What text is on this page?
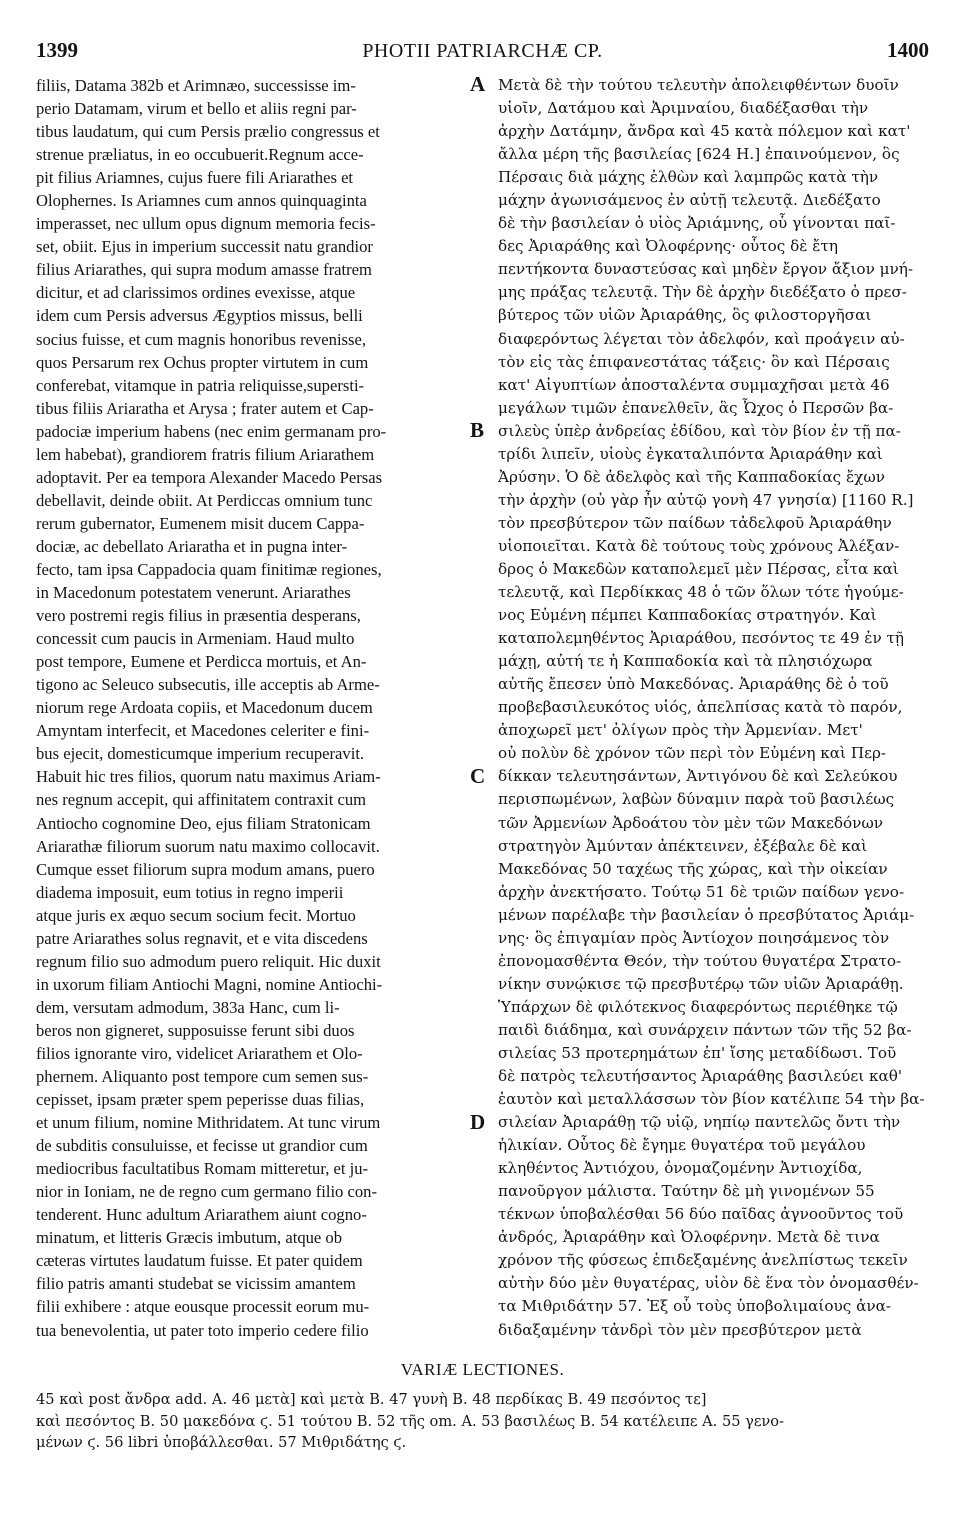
1399	PHOTII PATRIARCHÆ CP.	1400
filiis, Datama 382b et Arimnæo, successisse im-
perio Datamam, virum et bello et aliis regni par-
tibus laudatum, qui cum Persis prælio congressus et
strenue præliatus, in eo occubuerit.Regnum acce-
pit filius Ariamnes, cujus fuere fili Ariarathes et
Olophernes. Is Ariamnes cum annos quinquaginta
imperasset, nec ullum opus dignum memoria fecis-
set, obiit. Ejus in imperium successit natu grandior
filius Ariarathes, qui supra modum amasse fratrem
dicitur, et ad clarissimos ordines evexisse, atque
idem cum Persis adversus Ægyptios missus, belli
socius fuisse, et cum magnis honoribus revenisse,
quos Persarum rex Ochus propter virtutem in cum
conferebat, vitamque in patria reliquisse,supersti-
tibus filiis Ariaratha et Arysa ; frater autem et Cap-
padociæ imperium habens (nec enim germanam pro-
lem habebat), grandiorem fratris filium Ariarathem
adoptavit. Per ea tempora Alexander Macedo Persas
debellavit, deinde obiit. At Perdiccas omnium tunc
rerum gubernator, Eumenem misit ducem Cappa-
dociæ, ac debellato Ariaratha et in pugna inter-
fecto, tam ipsa Cappadocia quam finitimæ regiones,
in Macedonum potestatem venerunt. Ariarathes
vero postremi regis filius in præsentia desperans,
concessit cum paucis in Armeniam. Haud multo
post tempore, Eumene et Perdicca mortuis, et An-
tigono ac Seleuco subsecutis, ille acceptis ab Arme-
niorum rege Ardoata copiis, et Macedonum ducem
Amyntam interfecit, et Macedones celeriter e fini-
bus ejecit, domesticumque imperium recuperavit.
Habuit hic tres filios, quorum natu maximus Ariam-
nes regnum accepit, qui affinitatem contraxit cum
Antiocho cognomine Deo, ejus filiam Stratonicam
Ariarathæ filiorum suorum natu maximo collocavit.
Cumque esset filiorum supra modum amans, puero
diadema imposuit, eum totius in regno imperii
atque juris ex æquo secum socium fecit. Mortuo
patre Ariarathes solus regnavit, et e vita discedens
regnum filio suo admodum puero reliquit. Hic duxit
in uxorum filiam Antiochi Magni, nomine Antiochi-
dem, versutam admodum, 383a Hanc, cum li-
beros non gigneret, supposuisse ferunt sibi duos
filios ignorante viro, videlicet Ariarathem et Olo-
phernem. Aliquanto post tempore cum semen sus-
cepisset, ipsam præter spem peperisse duas filias,
et unum filium, nomine Mithridatem. At tunc virum
de subditis consuluisse, et fecisse ut grandior cum
mediocribus facultatibus Romam mitteretur, et ju-
nior in Ioniam, ne de regno cum germano filio con-
tenderent. Hunc adultum Ariarathem aiunt cogno-
minatum, et litteris Græcis imbutum, atque ob
cæteras virtutes laudatum fuisse. Et pater quidem
filio patris amanti studebat se vicissim amantem
filii exhibere : atque eousque processit eorum mu-
tua benevolentia, ut pater toto imperio cedere filio
Μετὰ δὲ τὴν τούτου τελευτὴν ἀπολειφθέντων δυοῖν
υἱοῖν, Δατάμου καὶ Ἀριμναίου, διαδέξασθαι τὴν
ἀρχὴν Δατάμην, ἄνδρα καὶ 45 κατὰ πόλεμον καὶ κατ'
ἄλλα μέρη τῆς βασιλείας [624 H.] ἐπαινούμενον, ὃς
Πέρσαις διὰ μάχης ἐλθὼν καὶ λαμπρῶς κατὰ τὴν
μάχην ἀγωνισάμενος ἐν αὐτῇ τελευτᾷ. Διεδέξατο
δὲ τὴν βασιλείαν ὁ υἱὸς Ἀριάμνης, οὗ γίνονται παῖ-
δες Ἀριαράθης καὶ Ὀλοφέρνης· οὗτος δὲ ἔτη
πεντήκοντα δυναστεύσας καὶ μηδὲν ἔργον ἄξιον μνή-
μης πράξας τελευτᾷ. Τὴν δὲ ἀρχὴν διεδέξατο ὁ πρεσ-
βύτερος τῶν υἱῶν Ἀριαράθης, ὃς φιλοστοργῆσαι
διαφερόντως λέγεται τὸν ἀδελφόν, καὶ προάγειν αὐ-
τὸν εἰς τὰς ἐπιφανεστάτας τάξεις· ὃν καὶ Πέρσαις
κατ' Αἰγυπτίων ἀποσταλέντα συμμαχῆσαι μετὰ 46
μεγάλων τιμῶν ἐπανελθεῖν, ἃς Ὦχος ὁ Περσῶν βα-
σιλεὺς ὑπὲρ ἀνδρείας ἐδίδου, καὶ τὸν βίον ἐν τῇ πα-
τρίδι λιπεῖν, υἱοὺς ἐγκαταλιπόντα Ἀριαράθην καὶ
Ἀρύσην. Ὁ δὲ ἀδελφὸς καὶ τῆς Καππαδοκίας ἔχων
τὴν ἀρχὴν (οὐ γὰρ ἦν αὐτῷ γονὴ 47 γνησία) [1160 R.]
τὸν πρεσβύτερον τῶν παίδων τἀδελφοῦ Ἀριαράθην
υἱοποιεῖται. Κατὰ δὲ τούτους τοὺς χρόνους Ἀλέξαν-
δρος ὁ Μακεδὼν καταπολεμεῖ μὲν Πέρσας, εἶτα καὶ
τελευτᾷ, καὶ Περδίκκας 48 ὁ τῶν ὅλων τότε ἡγούμε-
νος Εὐμένη πέμπει Καππαδοκίας στρατηγόν. Καὶ
καταπολεμηθέντος Ἀριαράθου, πεσόντος τε 49 ἐν τῇ
μάχῃ, αὐτή τε ἡ Καππαδοκία καὶ τὰ πλησιόχωρα
αὐτῆς ἔπεσεν ὑπὸ Μακεδόνας. Ἀριαράθης δὲ ὁ τοῦ
προβεβασιλευκότος υἱός, ἀπελπίσας κατὰ τὸ παρόν,
ἀποχωρεῖ μετ' ὀλίγων πρὸς τὴν Ἀρμενίαν. Μετ'
οὐ πολὺν δὲ χρόνον τῶν περὶ τὸν Εὐμένη καὶ Περ-
δίκκαν τελευτησάντων, Ἀντιγόνου δὲ καὶ Σελεύκου
περισπωμένων, λαβὼν δύναμιν παρὰ τοῦ βασιλέως
τῶν Ἀρμενίων Ἀρδοάτου τὸν μὲν τῶν Μακεδόνων
στρατηγὸν Ἀμύνταν ἀπέκτεινεν, ἐξέβαλε δὲ καὶ
Μακεδόνας 50 ταχέως τῆς χώρας, καὶ τὴν οἰκείαν
ἀρχὴν ἀνεκτήσατο. Τούτῳ 51 δὲ τριῶν παίδων γενο-
μένων παρέλαβε τὴν βασιλείαν ὁ πρεσβύτατος Ἀριάμ-
νης· ὃς ἐπιγαμίαν πρὸς Ἀντίοχον ποιησάμενος τὸν
ἐπονομασθέντα Θεόν, τὴν τούτου θυγατέρα Στρατο-
νίκην συνῴκισε τῷ πρεσβυτέρῳ τῶν υἱῶν Ἀριαράθῃ.
Ὑπάρχων δὲ φιλότεκνος διαφερόντως περιέθηκε τῷ
παιδὶ διάδημα, καὶ συνάρχειν πάντων τῶν τῆς 52 βα-
σιλείας 53 προτερημάτων ἐπ' ἴσης μεταδίδωσι. Τοῦ
δὲ πατρὸς τελευτήσαντος Ἀριαράθης βασιλεύει καθ'
ἑαυτὸν καὶ μεταλλάσσων τὸν βίον κατέλιπε 54 τὴν βα-
σιλείαν Ἀριαράθῃ τῷ υἱῷ, νηπίῳ παντελῶς ὄντι τὴν
ἡλικίαν. Οὗτος δὲ ἔγημε θυγατέρα τοῦ μεγάλου
κληθέντος Ἀντιόχου, ὀνομαζομένην Ἀντιοχίδα,
πανοῦργον μάλιστα. Ταύτην δὲ μὴ γινομένων 55
τέκνων ὑποβαλέσθαι 56 δύο παῖδας ἀγνοοῦντος τοῦ
ἀνδρός, Ἀριαράθην καὶ Ὀλοφέρνην. Μετὰ δὲ τινα
χρόνον τῆς φύσεως ἐπιδεξαμένης ἀνελπίστως τεκεῖν
αὐτὴν δύο μὲν θυγατέρας, υἱὸν δὲ ἕνα τὸν ὀνομασθέν-
τα Μιθριδάτην 57. Ἐξ οὗ τοὺς ὑποβολιμαίους ἀνα-
διδαξαμένην τἀνδρὶ τὸν μὲν πρεσβύτερον μετὰ
A
B
C
D
VARIÆ LECTIONES.
45 καὶ post ἄνδρα add. A. 46 μετὰ] καὶ μετὰ B. 47 γυνὴ B. 48 περδίκας B. 49 πεσόντος τε]
καὶ πεσόντος B. 50 μακεδόνα ϛ. 51 τούτου B. 52 τῆς om. A. 53 βασιλέως B. 54 κατέλειπε A. 55 γενο-
μένων ϛ. 56 libri ὑποβάλλεσθαι. 57 Μιθριδάτης ϛ.
